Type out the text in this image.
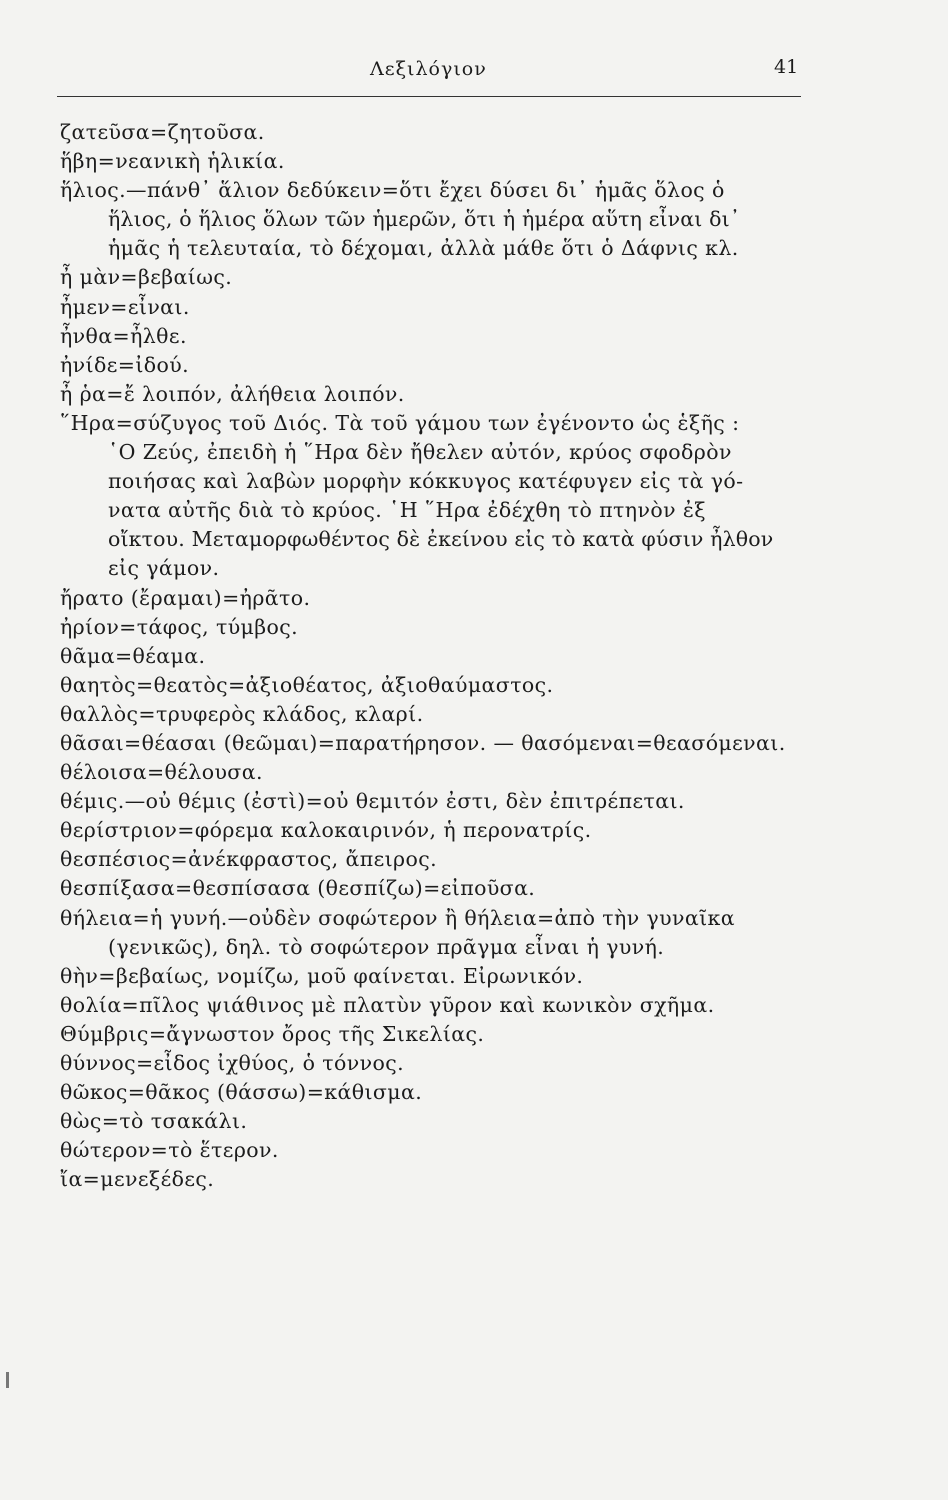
Λεξιλόγιον	41
ζατεῦσα=ζητοῦσα.
ἥβη=νεανικὴ ἡλικία.
ἥλιος.—πάνθ᾿ ἅλιον δεδύκειν=ὅτι ἔχει δύσει δι᾿ ἡμᾶς ὅλος ὁ
ἥλιος, ὁ ἥλιος ὅλων τῶν ἡμερῶν, ὅτι ἡ ἡμέρα αὕτη εἶναι δι᾿
ἡμᾶς ἡ τελευταία, τὸ δέχομαι, ἀλλὰ μάθε ὅτι ὁ Δάφνις κλ.
ἦ μὰν=βεβαίως.
ἦμεν=εἶναι.
ἦνθα=ἦλθε.
ἠνίδε=ἰδού.
ἦ ῥα=ἔ λοιπόν, ἀλήθεια λοιπόν.
῞Ηρα=σύζυγος τοῦ Διός. Τὰ τοῦ γάμου των ἐγένοντο ὡς ἑξῆς :
῾Ο Ζεύς, ἐπειδὴ ἡ ῞Ηρα δὲν ἤθελεν αὐτόν, κρύος σφοδρὸν
ποιήσας καὶ λαβὼν μορφὴν κόκκυγος κατέφυγεν εἰς τὰ γό-
νατα αὐτῆς διὰ τὸ κρύος. ῾Η ῞Ηρα ἐδέχθη τὸ πτηνὸν ἐξ
οἴκτου. Μεταμορφωθέντος δὲ ἐκείνου εἰς τὸ κατὰ φύσιν ἦλθον
εἰς γάμον.
ἤρατο (ἔραμαι)=ἠρᾶτο.
ἠρίον=τάφος, τύμβος.
θᾶμα=θέαμα.
θαητὸς=θεατὸς=ἀξιοθέατος, ἀξιοθαύμαστος.
θαλλὸς=τρυφερὸς κλάδος, κλαρί.
θᾶσαι=θέασαι (θεῶμαι)=παρατήρησον. — θασόμεναι=θεασόμεναι.
θέλοισα=θέλουσα.
θέμις.—οὐ θέμις (ἐστὶ)=οὐ θεμιτόν ἐστι, δὲν ἐπιτρέπεται.
θερίστριον=φόρεμα καλοκαιρινόν, ἡ περονατρίς.
θεσπέσιος=ἀνέκφραστος, ἄπειρος.
θεσπίξασα=θεσπίσασα (θεσπίζω)=εἰποῦσα.
θήλεια=ἡ γυνή.—οὐδὲν σοφώτερον ἢ θήλεια=ἀπὸ τὴν γυναῖκα
(γενικῶς), δηλ. τὸ σοφώτερον πρᾶγμα εἶναι ἡ γυνή.
θὴν=βεβαίως, νομίζω, μοῦ φαίνεται. Εἰρωνικόν.
θολία=πῖλος ψιάθινος μὲ πλατὺν γῦρον καὶ κωνικὸν σχῆμα.
Θύμβρις=ἄγνωστον ὄρος τῆς Σικελίας.
θύννος=εἶδος ἰχθύος, ὁ τόννος.
θῶκος=θᾶκος (θάσσω)=κάθισμα.
θὼς=τὸ τσακάλι.
θώτερον=τὸ ἕτερον.
ἴα=μενεξέδες.
